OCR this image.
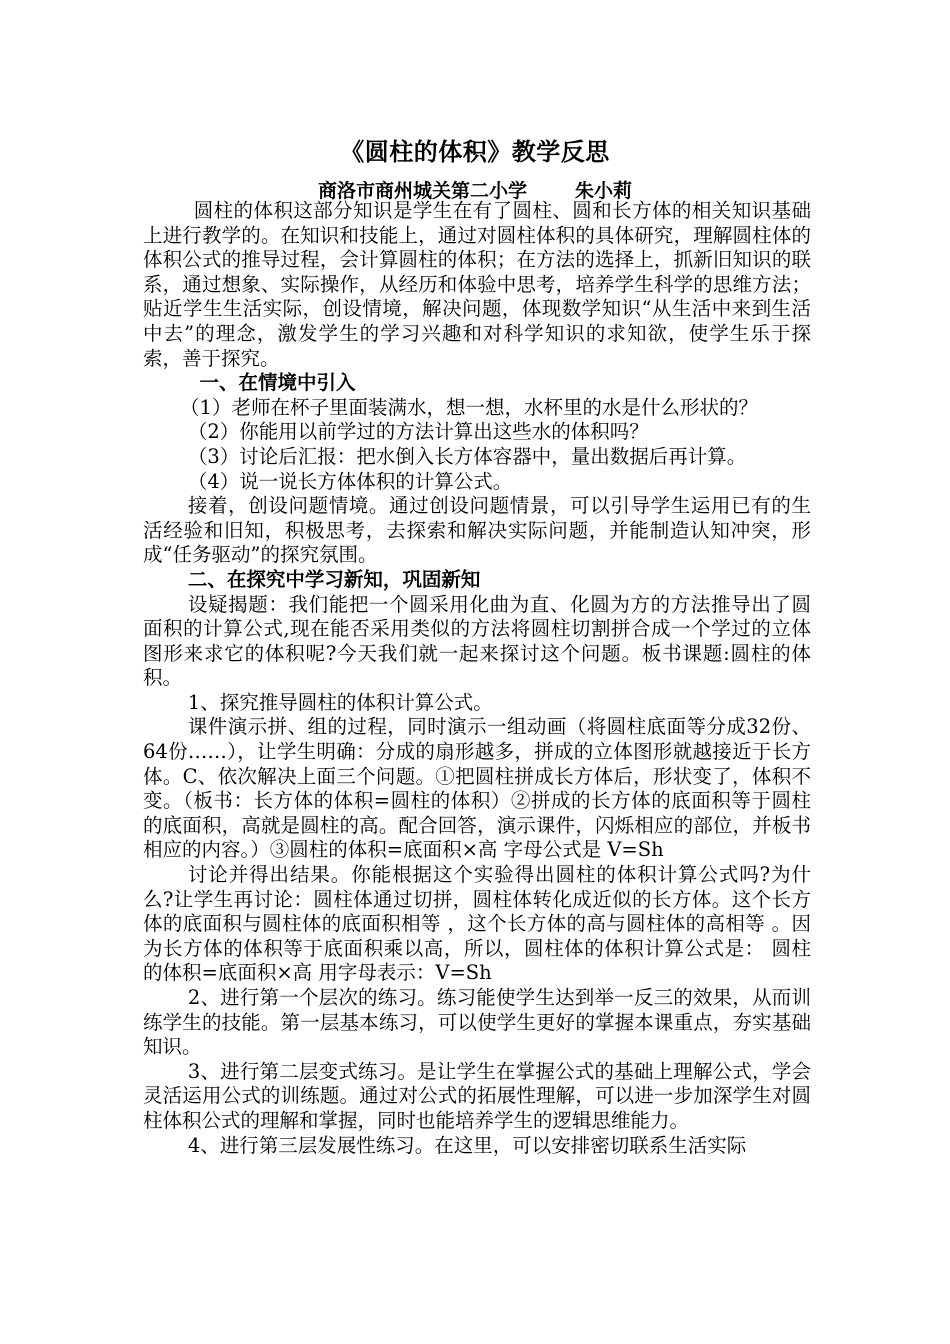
《圆柱的体积》教学反思
商洛市商州城关第二小学	朱小莉

圆柱的体积这部分知识是学生在有了圆柱、圆和长方体的相关知识基础上进行教学的。在知识和技能上，通过对圆柱体积的具体研究，理解圆柱体的体积公式的推导过程，会计算圆柱的体积；在方法的选择上，抓新旧知识的联系，通过想象、实际操作，从经历和体验中思考，培养学生科学的思维方法；贴近学生生活实际，创设情境，解决问题，体现数学知识“从生活中来到生活中去”的理念，激发学生的学习兴趣和对科学知识的求知欲，使学生乐于探索，善于探究。

一、在情境中引入

（1）老师在杯子里面装满水，想一想，水杯里的水是什么形状的？

（2）你能用以前学过的方法计算出这些水的体积吗？

（3）讨论后汇报：把水倒入长方体容器中，量出数据后再计算。

（4）说一说长方体体积的计算公式。

接着，创设问题情境。通过创设问题情景，可以引导学生运用已有的生活经验和旧知，积极思考，去探索和解决实际问题，并能制造认知冲突，形成“任务驱动”的探究氛围。

二、在探究中学习新知，巩固新知

设疑揭题：我们能把一个圆采用化曲为直、化圆为方的方法推导出了圆面积的计算公式,现在能否采用类似的方法将圆柱切割拼合成一个学过的立体图形来求它的体积呢?今天我们就一起来探讨这个问题。板书课题:圆柱的体积。

1、探究推导圆柱的体积计算公式。

课件演示拼、组的过程，同时演示一组动画（将圆柱底面等分成32份、64份……），让学生明确：分成的扇形越多，拼成的立体图形就越接近于长方体。C、依次解决上面三个问题。①把圆柱拼成长方体后，形状变了，体积不变。（板书：长方体的体积=圆柱的体积）②拼成的长方体的底面积等于圆柱的底面积，高就是圆柱的高。配合回答，演示课件，闪烁相应的部位，并板书相应的内容。）③圆柱的体积=底面积×高 字母公式是 V=Sh

讨论并得出结果。你能根据这个实验得出圆柱的体积计算公式吗?为什么?让学生再讨论：圆柱体通过切拼，圆柱体转化成近似的长方体。这个长方体的底面积与圆柱体的底面积相等 ，这个长方体的高与圆柱体的高相等 。因为长方体的体积等于底面积乘以高，所以，圆柱体的体积计算公式是： 圆柱的体积=底面积×高 用字母表示：V=Sh

2、进行第一个层次的练习。练习能使学生达到举一反三的效果，从而训练学生的技能。第一层基本练习，可以使学生更好的掌握本课重点，夯实基础知识。

3、进行第二层变式练习。是让学生在掌握公式的基础上理解公式，学会灵活运用公式的训练题。通过对公式的拓展性理解，可以进一步加深学生对圆柱体积公式的理解和掌握，同时也能培养学生的逻辑思维能力。

4、进行第三层发展性练习。在这里，可以安排密切联系生活实际
